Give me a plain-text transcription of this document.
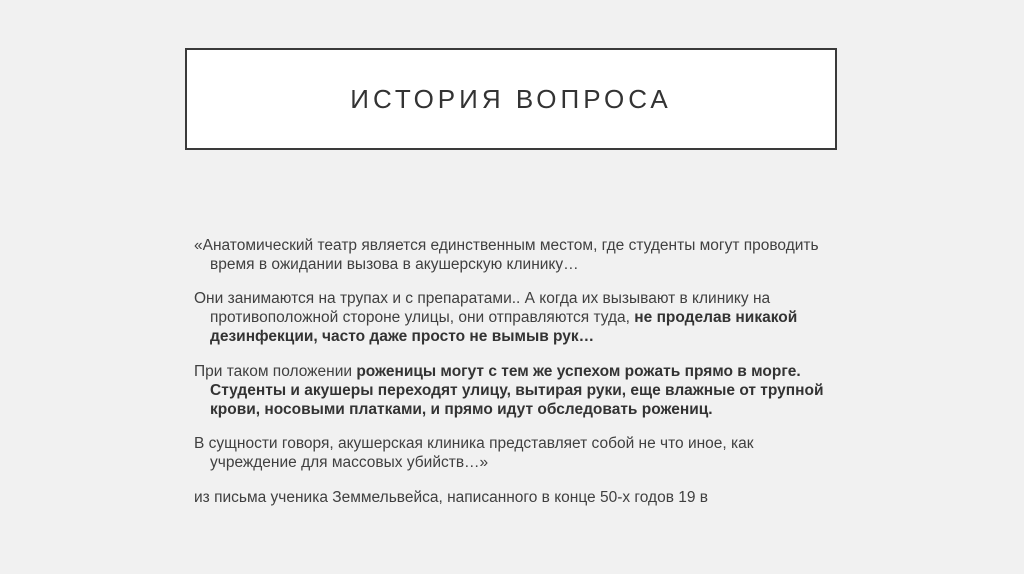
ИСТОРИЯ ВОПРОСА

«Анатомический театр является единственным местом, где студенты могут проводить время в ожидании вызова в акушерскую клинику…

Они занимаются на трупах и с препаратами.. А когда их вызывают в клинику на противоположной стороне улицы, они отправляются туда, не проделав никакой дезинфекции, часто даже просто не вымыв рук…

При таком положении роженицы могут с тем же успехом рожать прямо в морге. Студенты и акушеры переходят улицу, вытирая руки, еще влажные от трупной крови, носовыми платками, и прямо идут обследовать рожениц.

В сущности говоря, акушерская клиника представляет собой не что иное, как учреждение для массовых убийств…»

из письма ученика Земмельвейса, написанного в конце 50-х годов 19 в
